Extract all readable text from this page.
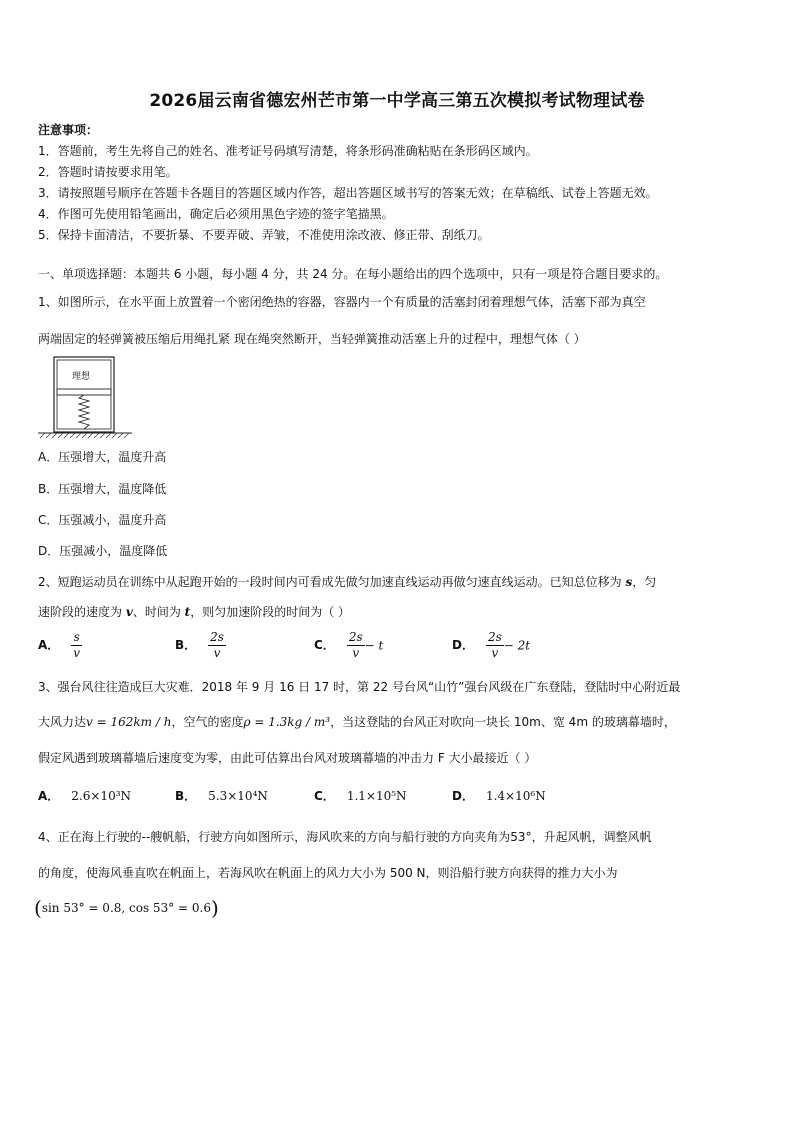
2026届云南省德宏州芒市第一中学高三第五次模拟考试物理试卷
注意事项：
1．答题前，考生先将自己的姓名、准考证号码填写清楚，将条形码准确粘贴在条形码区域内。
2．答题时请按要求用笔。
3．请按照题号顺序在答题卡各题目的答题区域内作答，超出答题区域书写的答案无效；在草稿纸、试卷上答题无效。
4．作图可先使用铅笔画出，确定后必须用黑色字迹的签字笔描黑。
5．保持卡面清洁，不要折暴、不要弄破、弄皱，不准使用涂改液、修正带、刮纸刀。
一、单项选择题：本题共 6 小题，每小题 4 分，共 24 分。在每小题给出的四个选项中，只有一项是符合题目要求的。
1、如图所示，在水平面上放置着一个密闭绝热的容器，容器内一个有质量的活塞封闭着理想气体，活塞下部为真空
两端固定的轻弹簧被压缩后用绳扎紧 现在绳突然断开，当轻弹簧推动活塞上升的过程中，理想气体（ ）
理想
A．压强增大，温度升高
B．压强增大，温度降低
C．压强减小，温度升高
D．压强减小，温度降低
2、短跑运动员在训练中从起跑开始的一段时间内可看成先做匀加速直线运动再做匀速直线运动。已知总位移为 s，匀
速阶段的速度为 v、时间为 t，则匀加速阶段的时间为（ ）
A． $\frac{s}{v}$	B． $\frac{2s}{v}$	C． $\frac{2s}{v} - t$	D． $\frac{2s}{v} - 2t$
3、强台风往往造成巨大灾难．2018 年 9 月 16 日 17 时，第 22 号台风“山竹”强台风级在广东登陆，登陆时中心附近最
大风力达v = 162km / h，空气的密度ρ = 1.3kg / m³，当这登陆的台风正对吹向一块长 10m、宽 4m 的玻璃幕墙时，
假定风遇到玻璃幕墙后速度变为零，由此可估算出台风对玻璃幕墙的冲击力 F 大小最接近（ ）
A． 2.6×10³N	B． 5.3×10⁴N	C． 1.1×10⁵N	D． 1.4×10⁶N
4、正在海上行驶的--艘帆船，行驶方向如图所示，海风吹来的方向与船行驶的方向夹角为53°，升起风帆，调整风帆
的角度，使海风垂直吹在帆面上，若海风吹在帆面上的风力大小为 500 N，则沿船行驶方向获得的推力大小为
(sin 53° = 0.8, cos 53° = 0.6)
